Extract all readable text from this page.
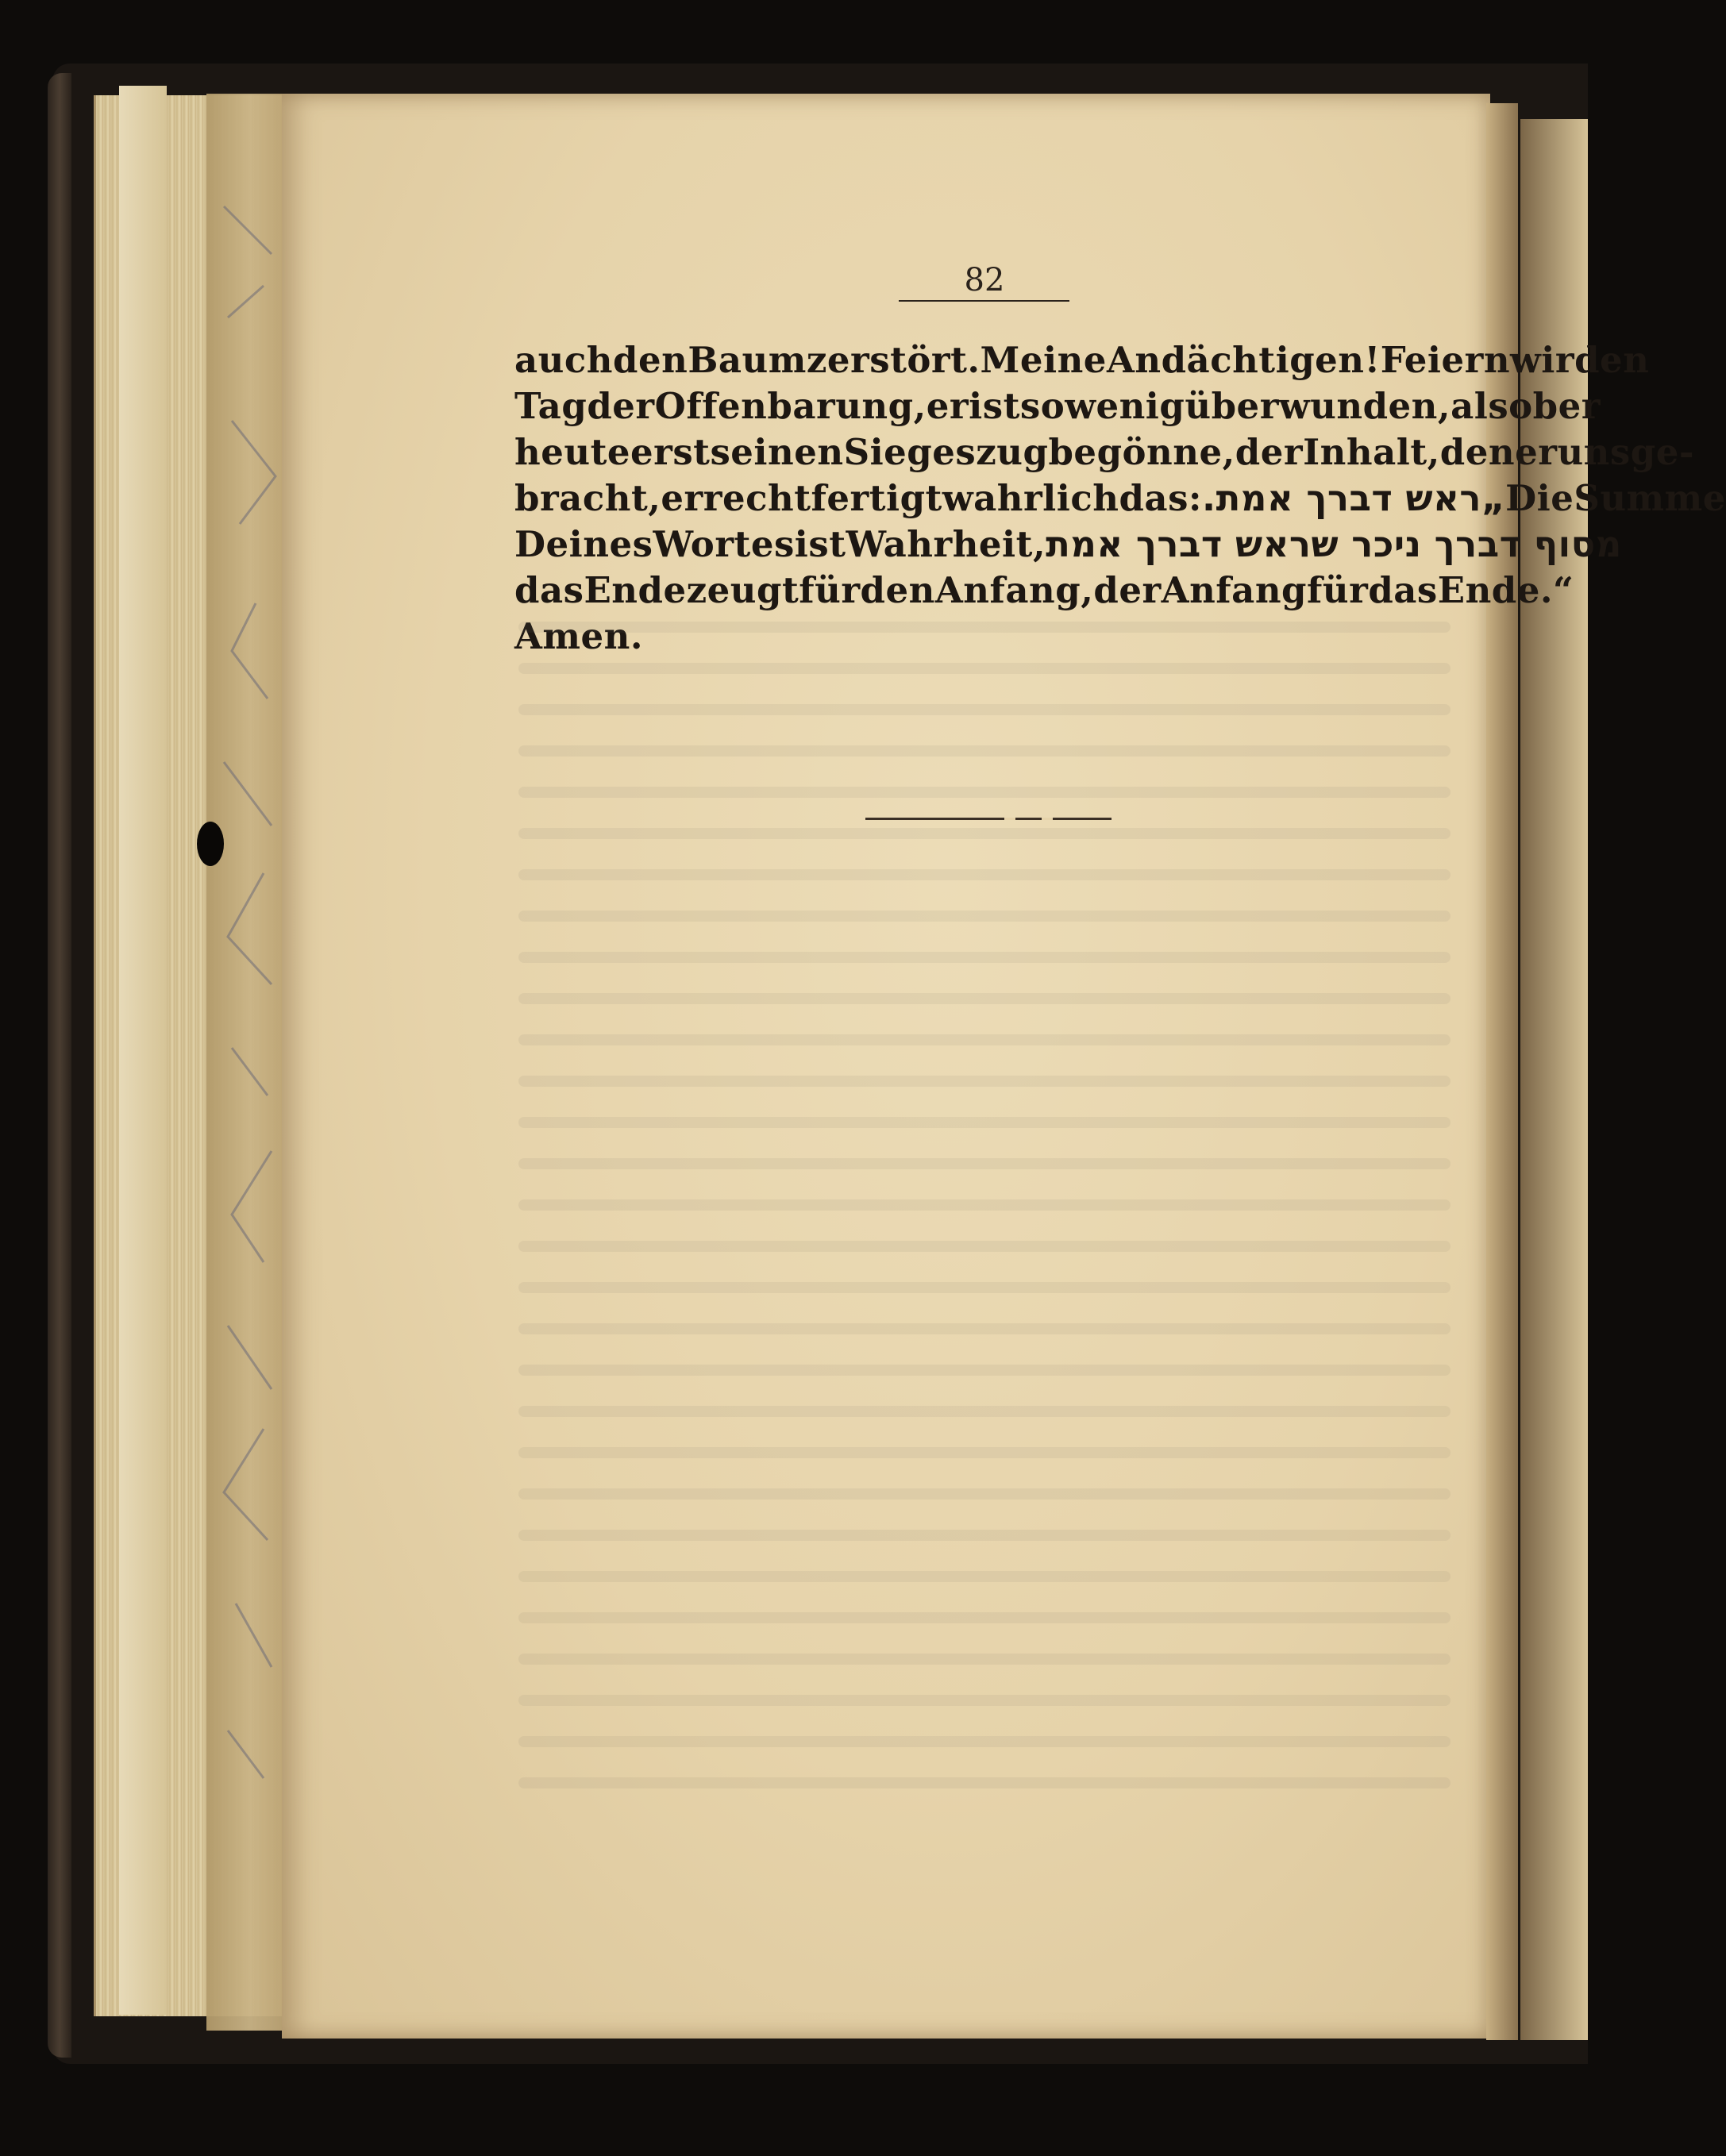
82
auch den Baum zerstört. Meine Andächtigen! Feiern wir den
Tag der Offenbarung, er ist so wenig überwunden, als ob er
heute erst seinen Siegeszug begönne, der Inhalt, den er uns ge-
bracht, er rechtfertigt wahrlich das: „ראש דברך אמת. Die Summe
Deines Wortes ist Wahrheit, מסוף דברך ניכר שראש דברך אמת
das Ende zeugt für den Anfang, der Anfang für das Ende.“
Amen.
